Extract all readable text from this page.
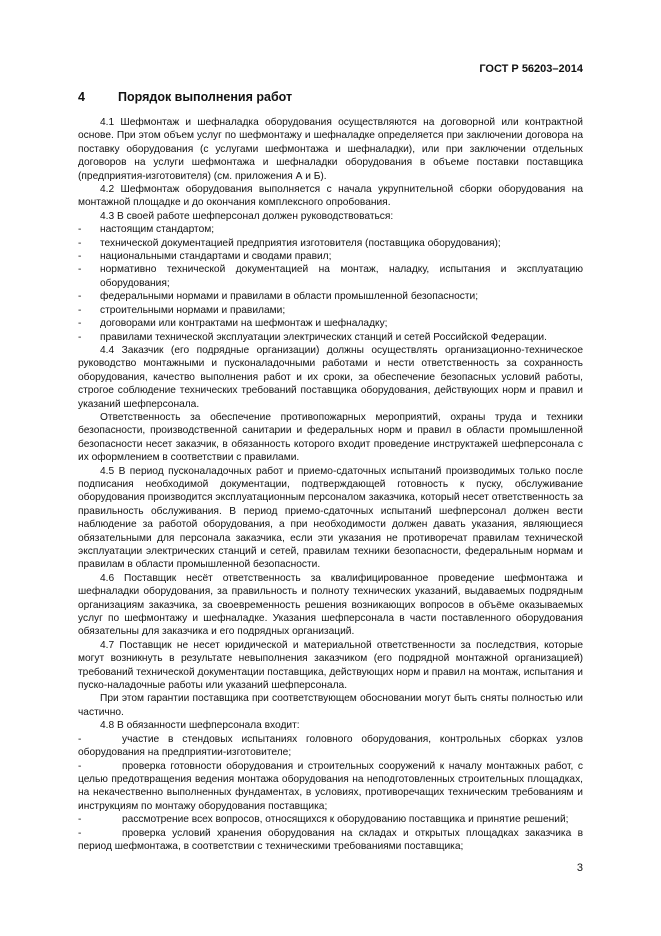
ГОСТ Р 56203–2014
4	Порядок выполнения работ

4.1 Шефмонтаж и шефналадка оборудования осуществляются на договорной или контрактной основе. При этом объем услуг по шефмонтажу и шефналадке определяется при заключении договора на поставку оборудования (с услугами шефмонтажа и шефналадки), или при заключении отдельных договоров на услуги шефмонтажа и шефналадки оборудования в объеме поставки поставщика (предприятия-изготовителя) (см. приложения А и Б).

4.2 Шефмонтаж оборудования выполняется с начала укрупнительной сборки оборудования на монтажной площадке и до окончания комплексного опробования.

4.3 В своей работе шефперсонал должен руководствоваться:

- настоящим стандартом;

- технической документацией предприятия изготовителя (поставщика оборудования);

- национальными стандартами и сводами правил;

- нормативно технической документацией на монтаж, наладку, испытания и эксплуатацию оборудования;

- федеральными нормами и правилами в области промышленной безопасности;

- строительными нормами и правилами;

- договорами или контрактами на шефмонтаж и шефналадку;

- правилами технической эксплуатации электрических станций и сетей Российской Федерации.

4.4 Заказчик (его подрядные организации) должны осуществлять организационно-техническое руководство монтажными и пусконаладочными работами и нести ответственность за сохранность оборудования, качество выполнения работ и их сроки, за обеспечение безопасных условий работы, строгое соблюдение технических требований поставщика оборудования, действующих норм и правил и указаний шефперсонала.

Ответственность за обеспечение противопожарных мероприятий, охраны труда и техники безопасности, производственной санитарии и федеральных норм и правил в области промышленной безопасности несет заказчик, в обязанность которого входит проведение инструктажей шефперсонала с их оформлением в соответствии с правилами.

4.5 В период пусконаладочных работ и приемо-сдаточных испытаний производимых только после подписания необходимой документации, подтверждающей готовность к пуску, обслуживание оборудования производится эксплуатационным персоналом заказчика, который несет ответственность за правильность обслуживания. В период приемо-сдаточных испытаний шефперсонал должен вести наблюдение за работой оборудования, а при необходимости должен давать указания, являющиеся обязательными для персонала заказчика, если эти указания не противоречат правилам технической эксплуатации электрических станций и сетей, правилам техники безопасности, федеральным нормам и правилам в области промышленной безопасности.

4.6 Поставщик несёт ответственность за квалифицированное проведение шефмонтажа и шефналадки оборудования, за правильность и полноту технических указаний, выдаваемых подрядным организациям заказчика, за своевременность решения возникающих вопросов в объёме оказываемых услуг по шефмонтажу и шефналадке. Указания шефперсонала в части поставленного оборудования обязательны для заказчика и его подрядных организаций.

4.7 Поставщик не несет юридической и материальной ответственности за последствия, которые могут возникнуть в результате невыполнения заказчиком (его подрядной монтажной организацией) требований технической документации поставщика, действующих норм и правил на монтаж, испытания и пуско-наладочные работы или указаний шефперсонала.

При этом гарантии поставщика при соответствующем обосновании могут быть сняты полностью или частично.

4.8 В обязанности шефперсонала входит:

-	участие в стендовых испытаниях головного оборудования, контрольных сборках узлов оборудования на предприятии-изготовителе;

-	проверка готовности оборудования и строительных сооружений к началу монтажных работ, с целью предотвращения ведения монтажа оборудования на неподготовленных строительных площадках, на некачественно выполненных фундаментах, в условиях, противоречащих техническим требованиям и инструкциям по монтажу оборудования поставщика;

-	рассмотрение всех вопросов, относящихся к оборудованию поставщика и принятие решений;

-	проверка условий хранения оборудования на складах и открытых площадках заказчика в период шефмонтажа, в соответствии с техническими требованиями поставщика;

3
